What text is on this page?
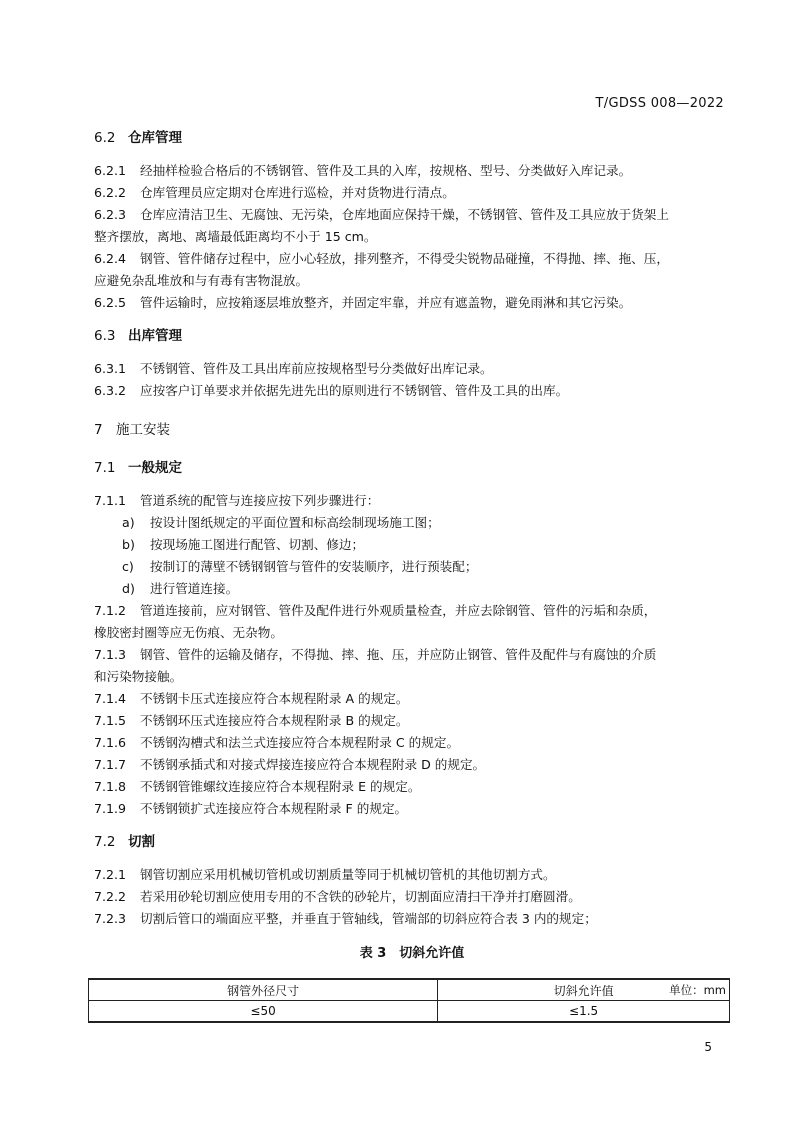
T/GDSS 008—2022
6.2 仓库管理
6.2.1 经抽样检验合格后的不锈钢管、管件及工具的入库，按规格、型号、分类做好入库记录。
6.2.2 仓库管理员应定期对仓库进行巡检，并对货物进行清点。
6.2.3 仓库应清洁卫生、无腐蚀、无污染，仓库地面应保持干燥，不锈钢管、管件及工具应放于货架上
整齐摆放，离地、离墙最低距离均不小于 15 cm。
6.2.4 钢管、管件储存过程中，应小心轻放，排列整齐，不得受尖锐物品碰撞，不得抛、摔、拖、压，
应避免杂乱堆放和与有毒有害物混放。
6.2.5 管件运输时，应按箱逐层堆放整齐，并固定牢靠，并应有遮盖物，避免雨淋和其它污染。
6.3 出库管理
6.3.1 不锈钢管、管件及工具出库前应按规格型号分类做好出库记录。
6.3.2 应按客户订单要求并依据先进先出的原则进行不锈钢管、管件及工具的出库。
7 施工安装
7.1 一般规定
7.1.1 管道系统的配管与连接应按下列步骤进行：
a) 按设计图纸规定的平面位置和标高绘制现场施工图；
b) 按现场施工图进行配管、切割、修边；
c) 按制订的薄壁不锈钢钢管与管件的安装顺序，进行预装配；
d) 进行管道连接。
7.1.2 管道连接前，应对钢管、管件及配件进行外观质量检查，并应去除钢管、管件的污垢和杂质，
橡胶密封圈等应无伤痕、无杂物。
7.1.3 钢管、管件的运输及储存，不得抛、摔、拖、压，并应防止钢管、管件及配件与有腐蚀的介质
和污染物接触。
7.1.4 不锈钢卡压式连接应符合本规程附录 A 的规定。
7.1.5 不锈钢环压式连接应符合本规程附录 B 的规定。
7.1.6 不锈钢沟槽式和法兰式连接应符合本规程附录 C 的规定。
7.1.7 不锈钢承插式和对接式焊接连接应符合本规程附录 D 的规定。
7.1.8 不锈钢管锥螺纹连接应符合本规程附录 E 的规定。
7.1.9 不锈钢锁扩式连接应符合本规程附录 F 的规定。
7.2 切割
7.2.1 钢管切割应采用机械切管机或切割质量等同于机械切管机的其他切割方式。
7.2.2 若采用砂轮切割应使用专用的不含铁的砂轮片，切割面应清扫干净并打磨圆滑。
7.2.3 切割后管口的端面应平整，并垂直于管轴线，管端部的切斜应符合表 3 内的规定；
表 3　切斜允许值
单位：mm
钢管外径尺寸	切斜允许值
≤50	≤1.5
5
